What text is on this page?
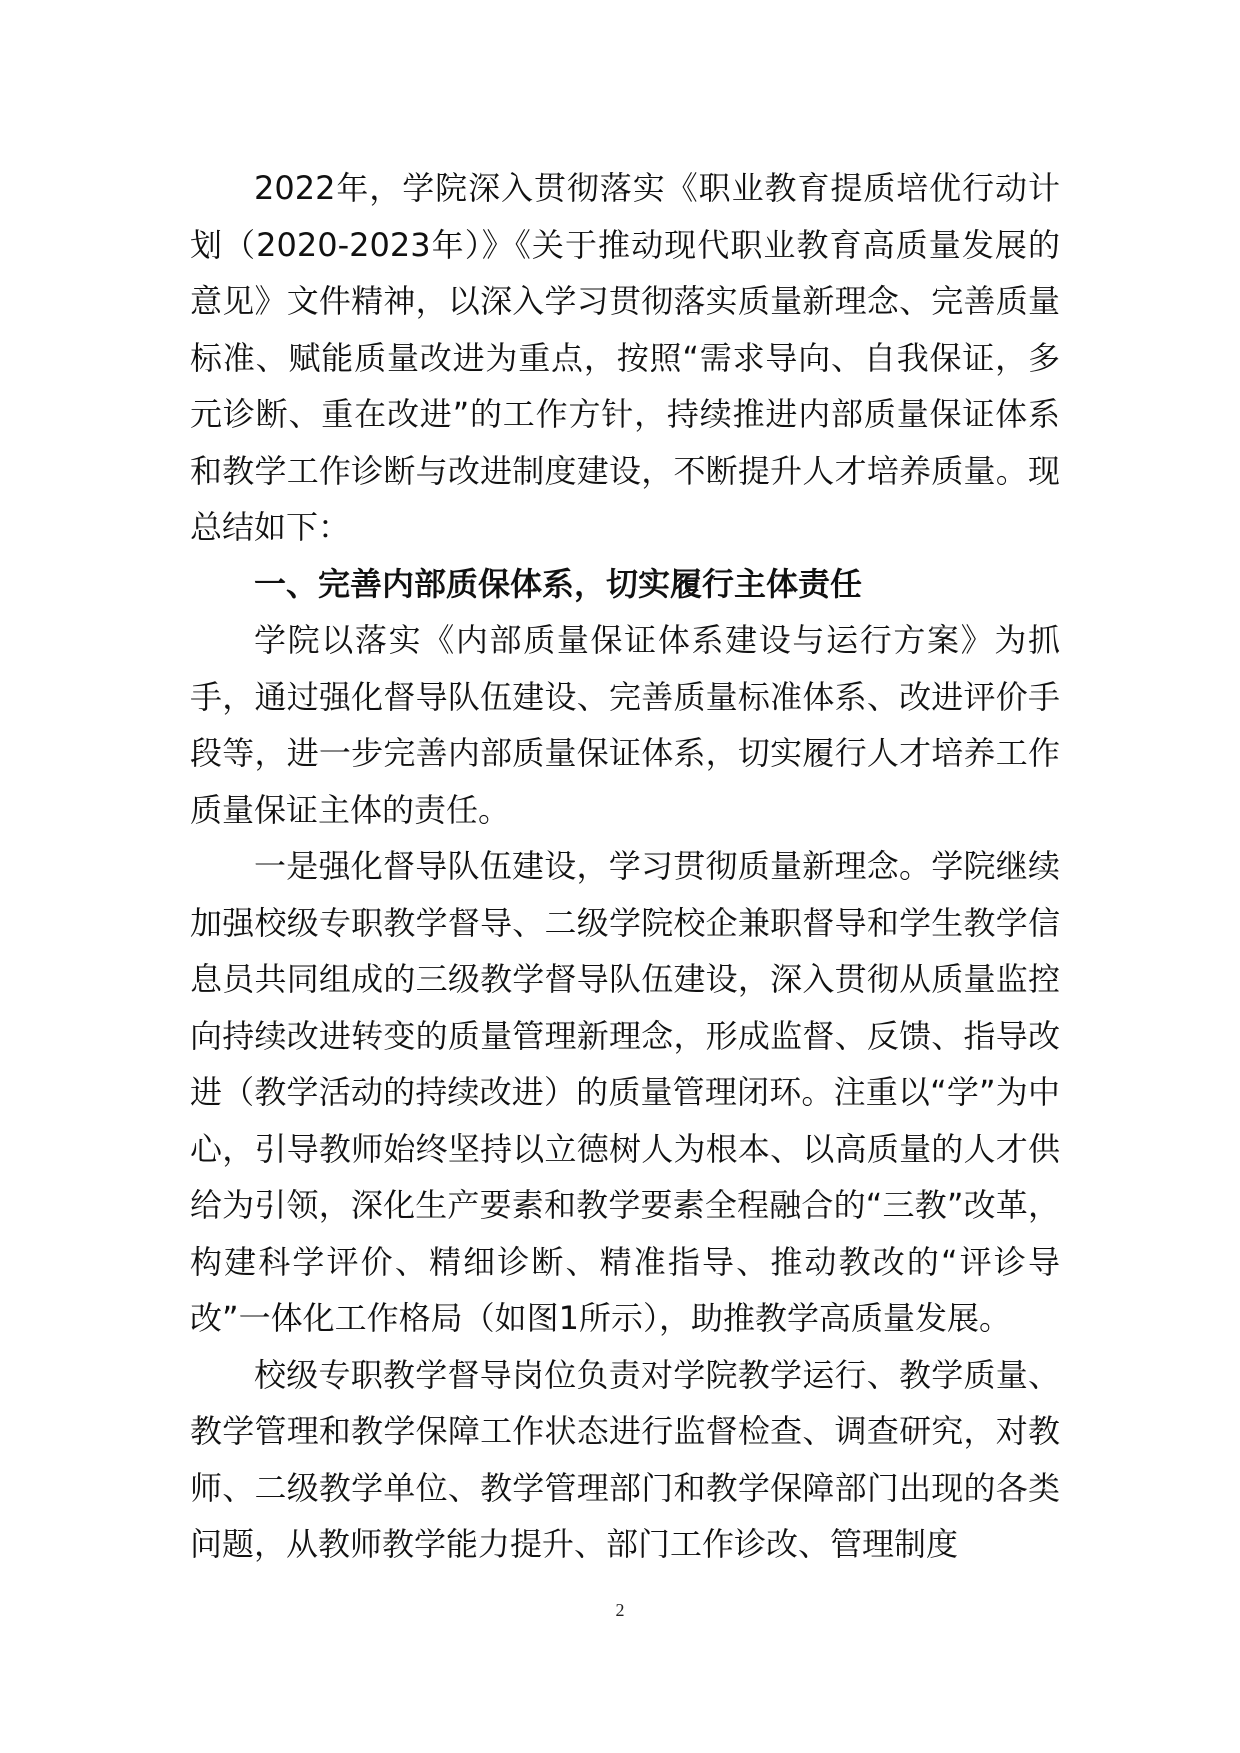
2022年，学院深入贯彻落实《职业教育提质培优行动计划（2020-2023年）》《关于推动现代职业教育高质量发展的意见》文件精神，以深入学习贯彻落实质量新理念、完善质量标准、赋能质量改进为重点，按照“需求导向、自我保证，多元诊断、重在改进”的工作方针，持续推进内部质量保证体系和教学工作诊断与改进制度建设，不断提升人才培养质量。现总结如下：

一、完善内部质保体系，切实履行主体责任

学院以落实《内部质量保证体系建设与运行方案》为抓手，通过强化督导队伍建设、完善质量标准体系、改进评价手段等，进一步完善内部质量保证体系，切实履行人才培养工作质量保证主体的责任。

一是强化督导队伍建设，学习贯彻质量新理念。学院继续加强校级专职教学督导、二级学院校企兼职督导和学生教学信息员共同组成的三级教学督导队伍建设，深入贯彻从质量监控向持续改进转变的质量管理新理念，形成监督、反馈、指导改进（教学活动的持续改进）的质量管理闭环。注重以“学”为中心，引导教师始终坚持以立德树人为根本、以高质量的人才供给为引领，深化生产要素和教学要素全程融合的“三教”改革，构建科学评价、精细诊断、精准指导、推动教改的“评诊导改”一体化工作格局（如图1所示），助推教学高质量发展。

校级专职教学督导岗位负责对学院教学运行、教学质量、教学管理和教学保障工作状态进行监督检查、调查研究，对教师、二级教学单位、教学管理部门和教学保障部门出现的各类问题，从教师教学能力提升、部门工作诊改、管理制度

2
